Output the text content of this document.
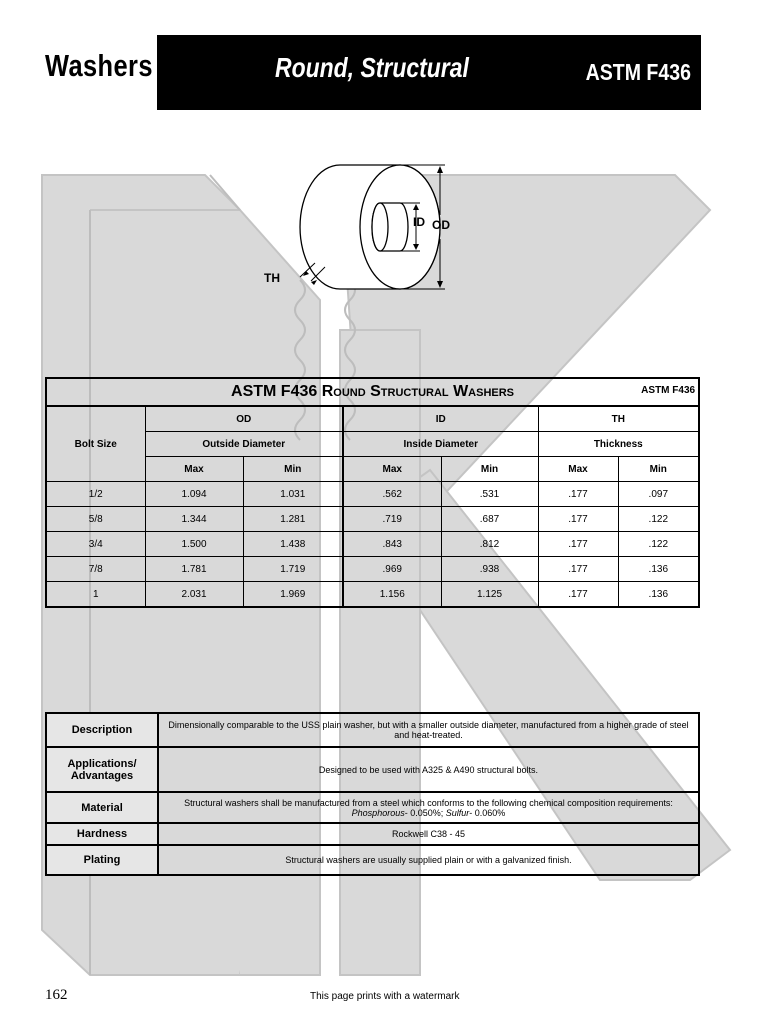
Washers	Round, Structural	ASTM F436
ID OD
TH
ASTM F436 Round Structural Washers ASTM F436						

Bolt Size	OD		ID		TH	
	Outside Diameter		Inside Diameter		Thickness	
	Max	Min	Max	Min	Max	Min
1/2	1.094	1.031	.562	.531	.177	.097
5/8	1.344	1.281	.719	.687	.177	.122
3/4	1.500	1.438	.843	.812	.177	.122
7/8	1.781	1.719	.969	.938	.177	.136
1	2.031	1.969	1.156	1.125	.177	.136
Description	Dimensionally comparable to the USS plain washer, but with a smaller outside diameter, manufactured from a higher grade of steel and heat-treated.
Applications/
Advantages	Designed to be used with A325 & A490 structural bolts.
Material	Structural washers shall be manufactured from a steel which conforms to the following chemical composition requirements:
Phosphorous- 0.050%; Sulfur- 0.060%
Hardness	Rockwell C38 - 45
Plating	Structural washers are usually supplied plain or with a galvanized finish.
162	This page prints with a watermark
